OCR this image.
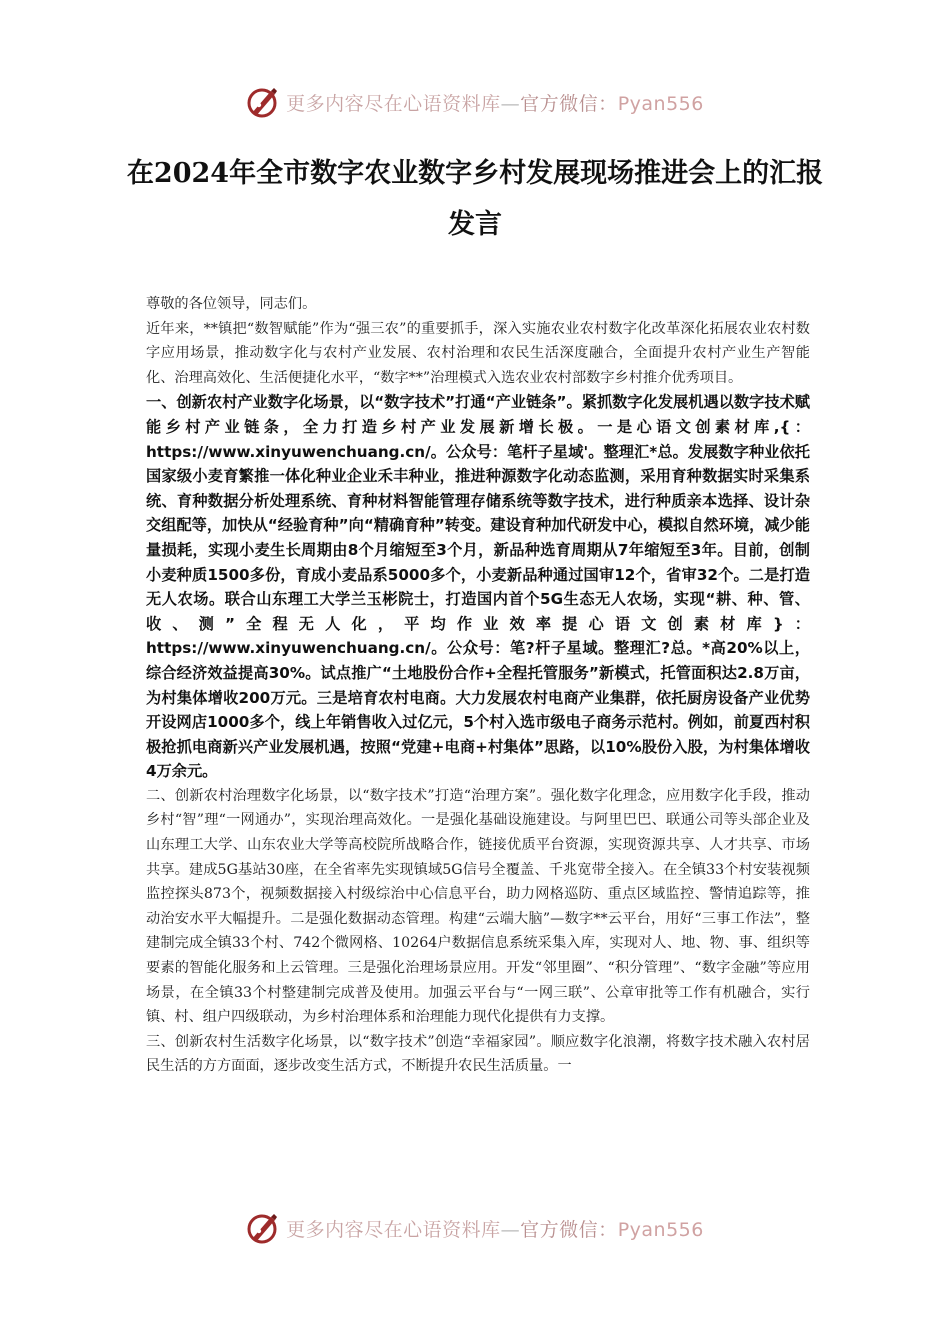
更多内容尽在心语资料库—官方微信：Pyan556
在2024年全市数字农业数字乡村发展现场推进会上的汇报发言

尊敬的各位领导，同志们。

近年来，**镇把“数智赋能”作为“强三农”的重要抓手，深入实施农业农村数字化改革深化拓展农业农村数字应用场景，推动数字化与农村产业发展、农村治理和农民生活深度融合，全面提升农村产业生产智能化、治理高效化、生活便捷化水平，“数字**”治理模式入选农业农村部数字乡村推介优秀项目。

一、创新农村产业数字化场景，以“数字技术”打通“产业链条”。紧抓数字化发展机遇以数字技术赋能乡村产业链条，全力打造乡村产业发展新增长极。一是心语文创素材库,{：https://www.xinyuwenchuang.cn/。公众号：笔杆子星域'。整理汇*总。发展数字种业依托国家级小麦育繁推一体化种业企业禾丰种业，推进种源数字化动态监测，采用育种数据实时采集系统、育种数据分析处理系统、育种材料智能管理存储系统等数字技术，进行种质亲本选择、设计杂交组配等，加快从“经验育种”向“精确育种”转变。建设育种加代研发中心，模拟自然环境，减少能量损耗，实现小麦生长周期由8个月缩短至3个月，新品种选育周期从7年缩短至3年。目前，创制小麦种质1500多份，育成小麦品系5000多个，小麦新品种通过国审12个，省审32个。二是打造无人农场。联合山东理工大学兰玉彬院士，打造国内首个5G生态无人农场，实现“耕、种、管、收、测”全程无人化，平均作业效率提心语文创素材库}：https://www.xinyuwenchuang.cn/。公众号：笔?杆子星域。整理汇?总。*高20%以上，综合经济效益提高30%。试点推广“土地股份合作+全程托管服务”新模式，托管面积达2.8万亩，为村集体增收200万元。三是培育农村电商。大力发展农村电商产业集群，依托厨房设备产业优势开设网店1000多个，线上年销售收入过亿元，5个村入选市级电子商务示范村。例如，前夏西村积极抢抓电商新兴产业发展机遇，按照“党建+电商+村集体”思路，以10%股份入股，为村集体增收4万余元。

二、创新农村治理数字化场景，以“数字技术”打造“治理方案”。强化数字化理念，应用数字化手段，推动乡村“智”理“一网通办”，实现治理高效化。一是强化基础设施建设。与阿里巴巴、联通公司等头部企业及山东理工大学、山东农业大学等高校院所战略合作，链接优质平台资源，实现资源共享、人才共享、市场共享。建成5G基站30座，在全省率先实现镇域5G信号全覆盖、千兆宽带全接入。在全镇33个村安装视频监控探头873个，视频数据接入村级综治中心信息平台，助力网格巡防、重点区域监控、警情追踪等，推动治安水平大幅提升。二是强化数据动态管理。构建“云端大脑”—数字**云平台，用好“三事工作法”，整建制完成全镇33个村、742个微网格、10264户数据信息系统采集入库，实现对人、地、物、事、组织等要素的智能化服务和上云管理。三是强化治理场景应用。开发“邻里圈”、“积分管理”、“数字金融”等应用场景，在全镇33个村整建制完成普及使用。加强云平台与“一网三联”、公章审批等工作有机融合，实行镇、村、组户四级联动，为乡村治理体系和治理能力现代化提供有力支撑。

三、创新农村生活数字化场景，以“数字技术”创造“幸福家园”。顺应数字化浪潮，将数字技术融入农村居民生活的方方面面，逐步改变生活方式，不断提升农民生活质量。一

更多内容尽在心语资料库—官方微信：Pyan556
